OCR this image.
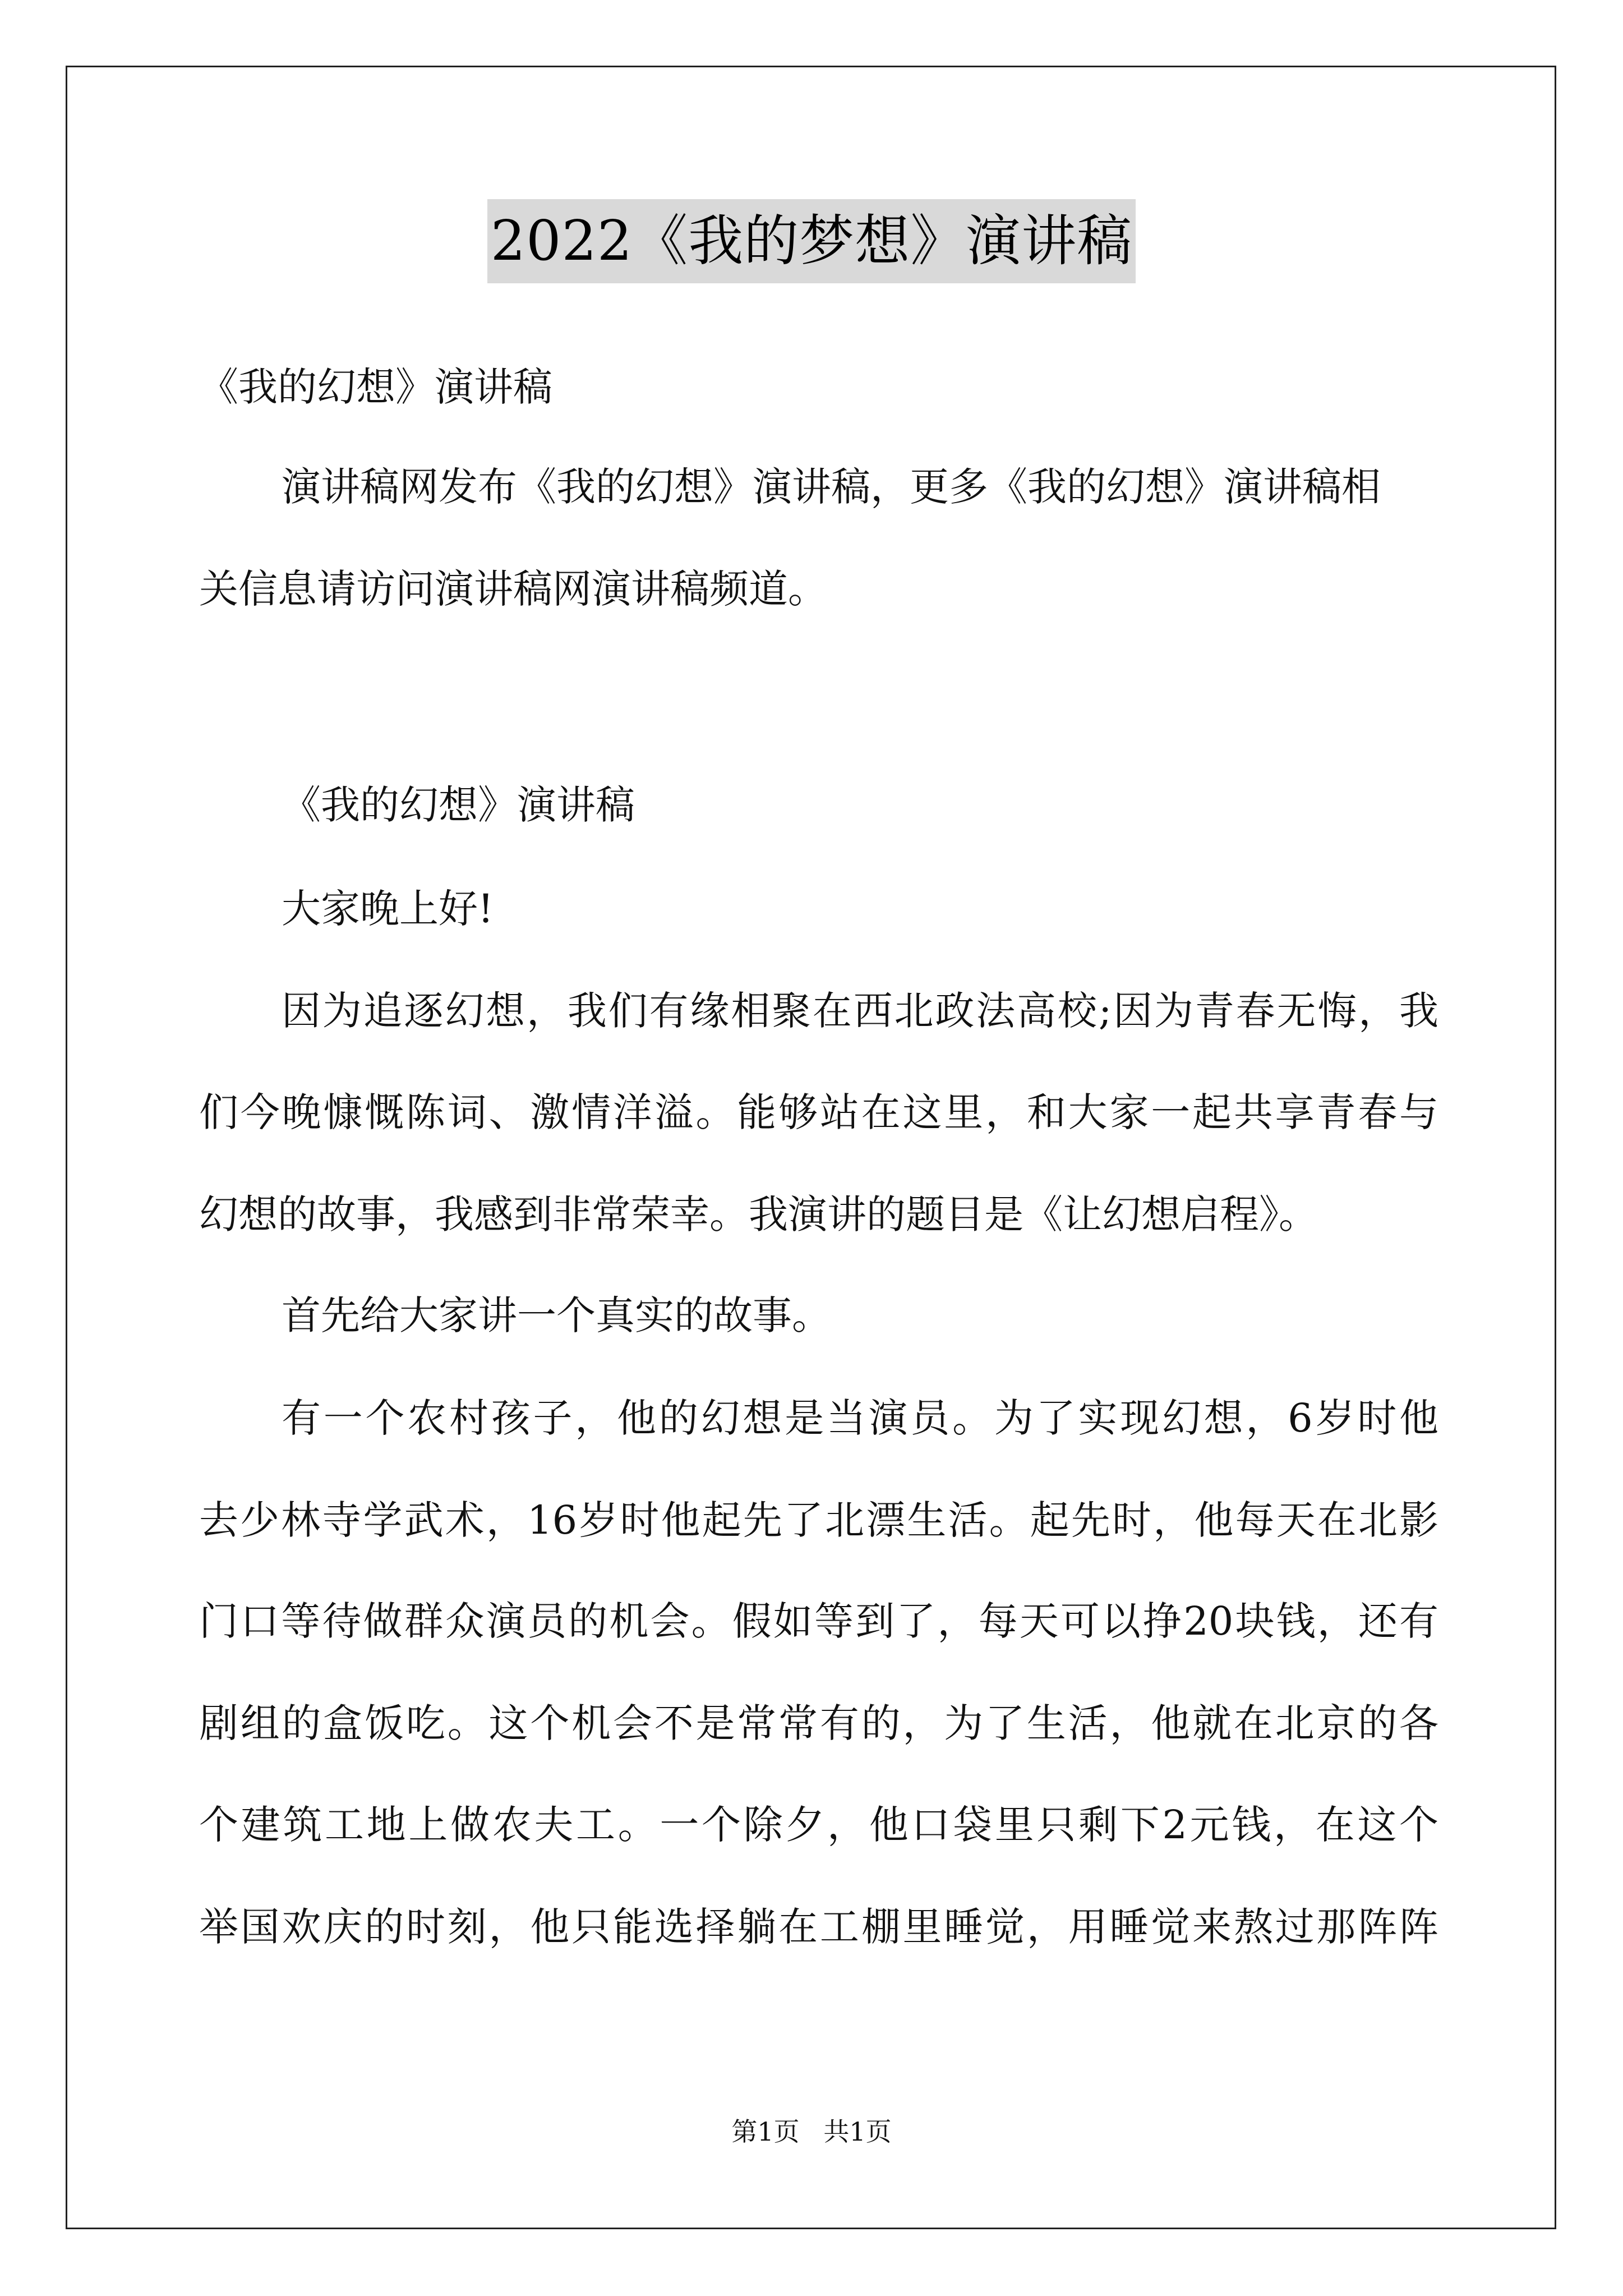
2022《我的梦想》演讲稿
《我的幻想》演讲稿
演讲稿网发布《我的幻想》演讲稿，更多《我的幻想》演讲稿相
关信息请访问演讲稿网演讲稿频道。
《我的幻想》演讲稿
大家晚上好!
因为追逐幻想，我们有缘相聚在西北政法高校;因为青春无悔，我
们今晚慷慨陈词、激情洋溢。能够站在这里，和大家一起共享青春与
幻想的故事，我感到非常荣幸。我演讲的题目是《让幻想启程》。
首先给大家讲一个真实的故事。
有一个农村孩子，他的幻想是当演员。为了实现幻想，6岁时他
去少林寺学武术，16岁时他起先了北漂生活。起先时，他每天在北影
门口等待做群众演员的机会。假如等到了，每天可以挣20块钱，还有
剧组的盒饭吃。这个机会不是常常有的，为了生活，他就在北京的各
个建筑工地上做农夫工。一个除夕，他口袋里只剩下2元钱，在这个
举国欢庆的时刻，他只能选择躺在工棚里睡觉，用睡觉来熬过那阵阵
第1页 共1页
